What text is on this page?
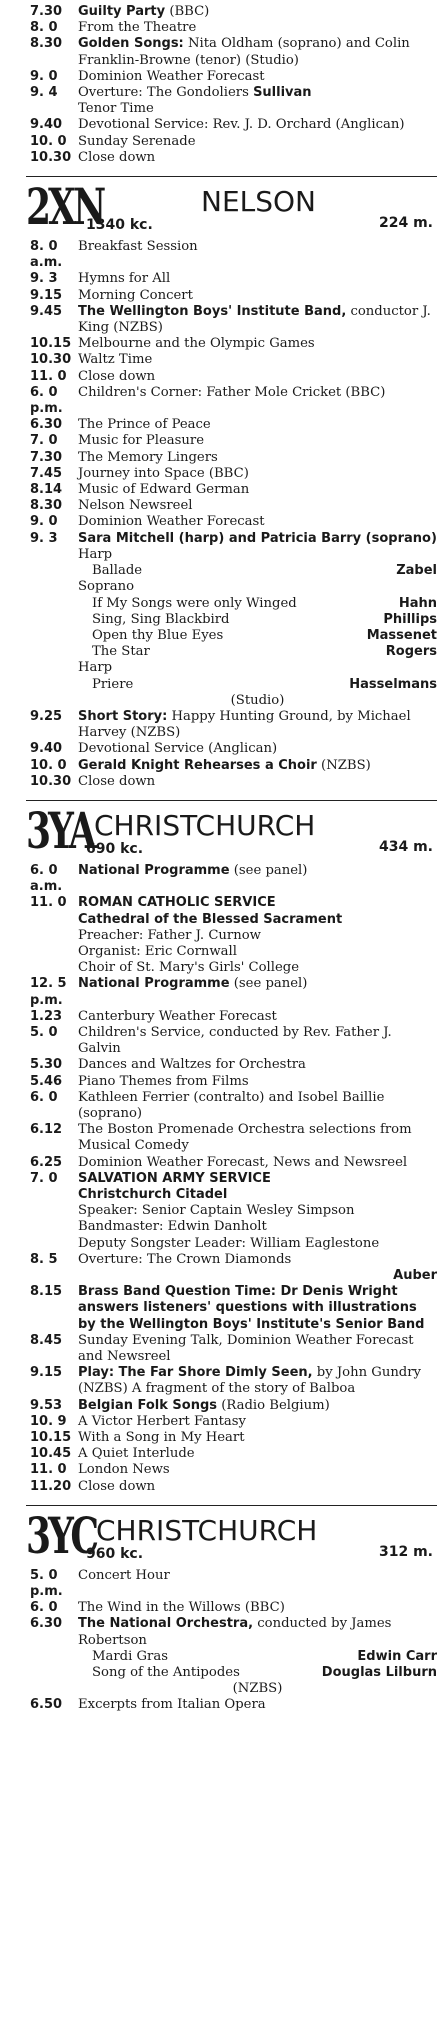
7.30	Guilty Party (BBC)
8. 0	From the Theatre
8.30	Golden Songs: Nita Oldham (soprano) and Colin Franklin-Browne (tenor) (Studio)
9. 0	Dominion Weather Forecast
9. 4	Overture: The Gondoliers Sullivan
Tenor Time
9.40	Devotional Service: Rev. J. D. Orchard (Anglican)
10. 0 Sunday Serenade
10.30 Close down
2XN	NELSON
1340 kc.	224 m.
8. 0 a.m.
Breakfast Session
9. 3	Hymns for All
9.15	Morning Concert
9.45	The Wellington Boys' Institute Band, conductor J. King (NZBS)
10.15 Melbourne and the Olympic Games
10.30 Waltz Time
11. 0 Close down
6. 0 p.m.
Children's Corner: Father Mole Cricket (BBC)
6.30	The Prince of Peace
7. 0	Music for Pleasure
7.30	The Memory Lingers
7.45	Journey into Space (BBC)
8.14	Music of Edward German
8.30	Nelson Newsreel
9. 0	Dominion Weather Forecast
9. 3	Sara Mitchell (harp) and Patricia Barry (soprano)
Harp
Ballade	Zabel
Soprano
If My Songs were only Winged	Hahn
Sing, Sing Blackbird	Phillips
Open thy Blue Eyes	Massenet
The Star	Rogers
Harp
Priere	Hasselmans
(Studio)
9.25	Short Story: Happy Hunting Ground, by Michael Harvey (NZBS)
9.40	Devotional Service (Anglican)
10. 0 Gerald Knight Rehearses a Choir (NZBS)
10.30 Close down
3YA CHRISTCHURCH
690 kc.	434 m.
6. 0 a.m.
National Programme (see panel)
11. 0 ROMAN CATHOLIC SERVICE
Cathedral of the Blessed Sacrament
Preacher: Father J. Curnow
Organist: Eric Cornwall
Choir of St. Mary's Girls' College
12. 5 p.m.
National Programme (see panel)
1.23	Canterbury Weather Forecast
5. 0	Children's Service, conducted by Rev. Father J. Galvin
5.30	Dances and Waltzes for Orchestra
5.46	Piano Themes from Films
6. 0	Kathleen Ferrier (contralto) and Isobel Baillie (soprano)
6.12	The Boston Promenade Orchestra selections from Musical Comedy
6.25	Dominion Weather Forecast, News and Newsreel
7. 0	SALVATION ARMY SERVICE
Christchurch Citadel
Speaker: Senior Captain Wesley Simpson
Bandmaster: Edwin Danholt
Deputy Songster Leader: William Eaglestone
8. 5	Overture: The Crown Diamonds
Auber
8.15	Brass Band Question Time: Dr Denis Wright answers listeners' questions with illustrations by the Wellington Boys' Institute's Senior Band
8.45	Sunday Evening Talk, Dominion Weather Forecast and Newsreel
9.15	Play: The Far Shore Dimly Seen, by John Gundry (NZBS) A fragment of the story of Balboa
9.53	Belgian Folk Songs (Radio Belgium)
10. 9 A Victor Herbert Fantasy
10.15 With a Song in My Heart
10.45 A Quiet Interlude
11. 0 London News
11.20 Close down
3YC CHRISTCHURCH
960 kc.	312 m.
5. 0 p.m.
Concert Hour
6. 0	The Wind in the Willows (BBC)
6.30	The National Orchestra, conducted by James Robertson
Mardi Gras	Edwin Carr
Song of the Antipodes	Douglas Lilburn
(NZBS)
6.50	Excerpts from Italian Opera
